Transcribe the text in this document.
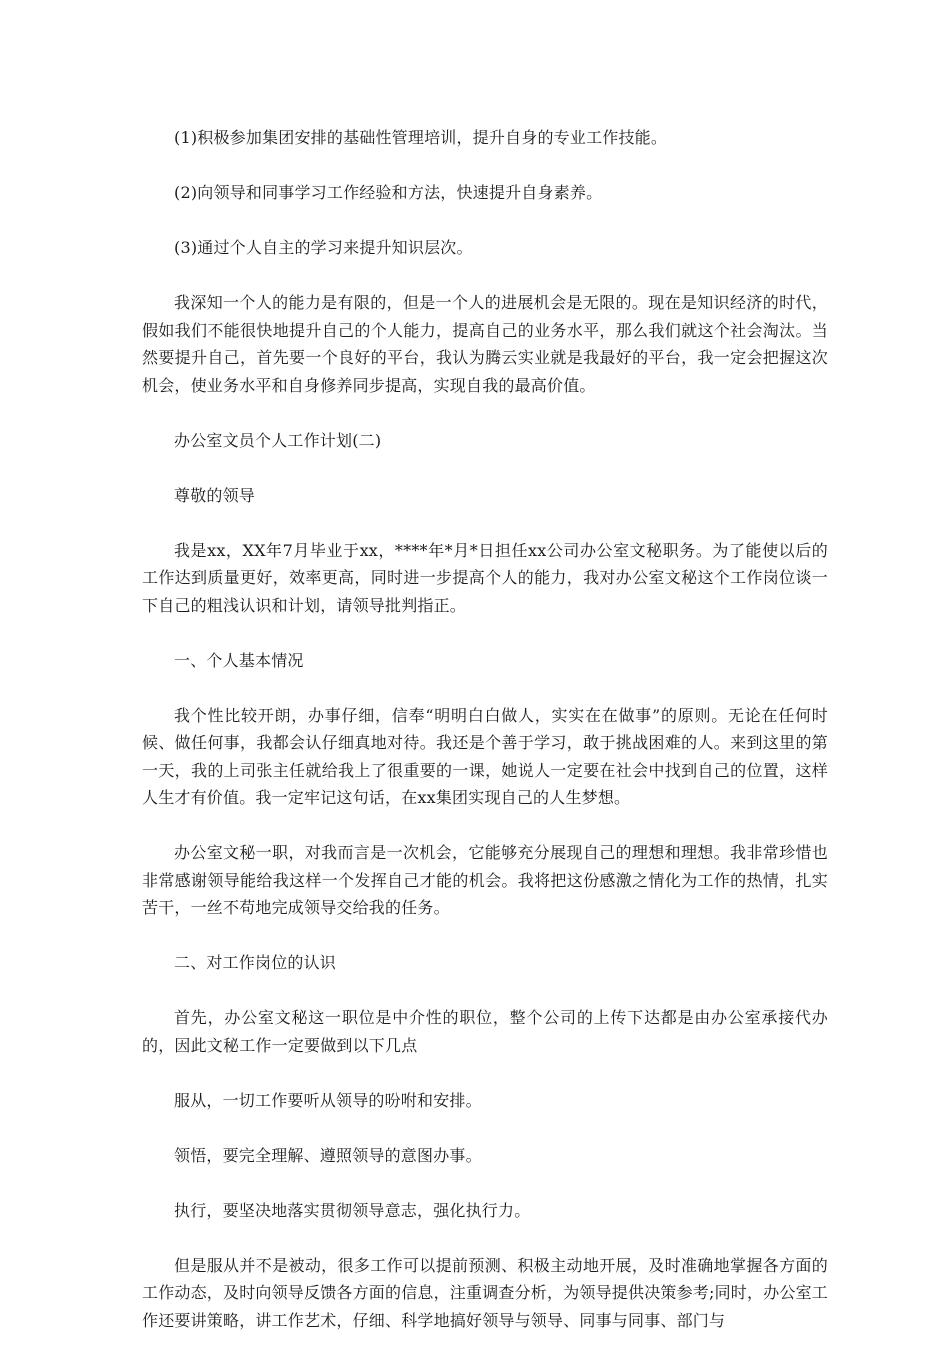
(1)积极参加集团安排的基础性管理培训，提升自身的专业工作技能。

(2)向领导和同事学习工作经验和方法，快速提升自身素养。

(3)通过个人自主的学习来提升知识层次。

我深知一个人的能力是有限的，但是一个人的进展机会是无限的。现在是知识经济的时代，假如我们不能很快地提升自己的个人能力，提高自己的业务水平，那么我们就这个社会淘汰。当然要提升自己，首先要一个良好的平台，我认为腾云实业就是我最好的平台，我一定会把握这次机会，使业务水平和自身修养同步提高，实现自我的最高价值。

办公室文员个人工作计划(二)

尊敬的领导

我是xx，XX年7月毕业于xx，****年*月*日担任xx公司办公室文秘职务。为了能使以后的工作达到质量更好，效率更高，同时进一步提高个人的能力，我对办公室文秘这个工作岗位谈一下自己的粗浅认识和计划，请领导批判指正。

一、个人基本情况

我个性比较开朗，办事仔细，信奉“明明白白做人，实实在在做事”的原则。无论在任何时候、做任何事，我都会认仔细真地对待。我还是个善于学习，敢于挑战困难的人。来到这里的第一天，我的上司张主任就给我上了很重要的一课，她说人一定要在社会中找到自己的位置，这样人生才有价值。我一定牢记这句话，在xx集团实现自己的人生梦想。

办公室文秘一职，对我而言是一次机会，它能够充分展现自己的理想和理想。我非常珍惜也非常感谢领导能给我这样一个发挥自己才能的机会。我将把这份感激之情化为工作的热情，扎实苦干，一丝不苟地完成领导交给我的任务。

二、对工作岗位的认识

首先，办公室文秘这一职位是中介性的职位，整个公司的上传下达都是由办公室承接代办的，因此文秘工作一定要做到以下几点

服从，一切工作要听从领导的吩咐和安排。

领悟，要完全理解、遵照领导的意图办事。

执行，要坚决地落实贯彻领导意志，强化执行力。

但是服从并不是被动，很多工作可以提前预测、积极主动地开展，及时准确地掌握各方面的工作动态，及时向领导反馈各方面的信息，注重调查分析，为领导提供决策参考;同时，办公室工作还要讲策略，讲工作艺术，仔细、科学地搞好领导与领导、同事与同事、部门与
